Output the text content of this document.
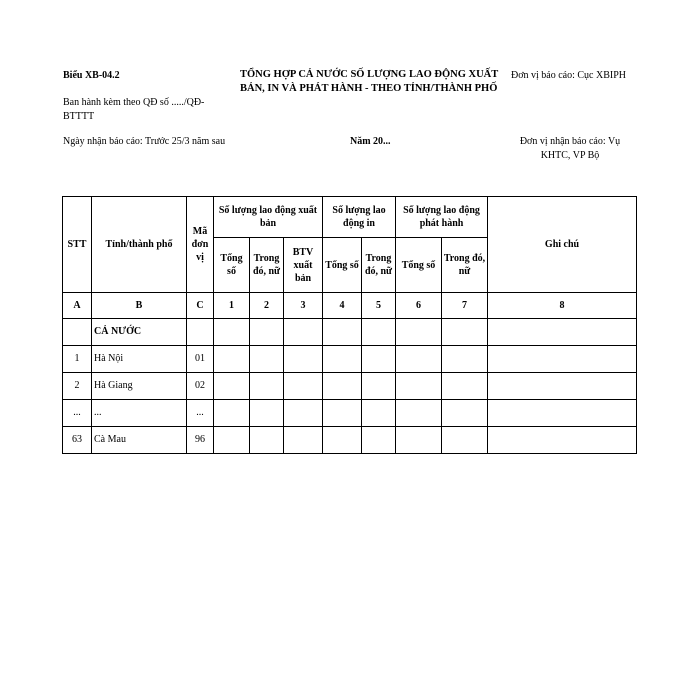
Biểu XB-04.2	TỔNG HỢP CẢ NƯỚC SỐ LƯỢNG LAO ĐỘNG XUẤT BẢN, IN VÀ PHÁT HÀNH - THEO TỈNH/THÀNH PHỐ
Đơn vị báo cáo: Cục XBIPH
Ban hành kèm theo QĐ số ...../QĐ-BTTTT
Ngày nhận báo cáo: Trước 25/3 năm sau	Năm 20...	Đơn vị nhận báo cáo: Vụ KHTC, VP Bộ
STT	Tỉnh/thành phố	Mã đơn vị	Số lượng lao động xuất bản			Số lượng lao động in		Số lượng lao động phát hành		Ghi chú
			Tổng số	Trong đó, nữ	BTV xuất bản	Tổng số	Trong đó, nữ	Tổng số	Trong đó, nữ	
A	B	C	1	2	3	4	5	6	7	8
	CẢ NƯỚC									
1	Hà Nội	01								
2	Hà Giang	02								
...	...	...								
63	Cà Mau	96								
